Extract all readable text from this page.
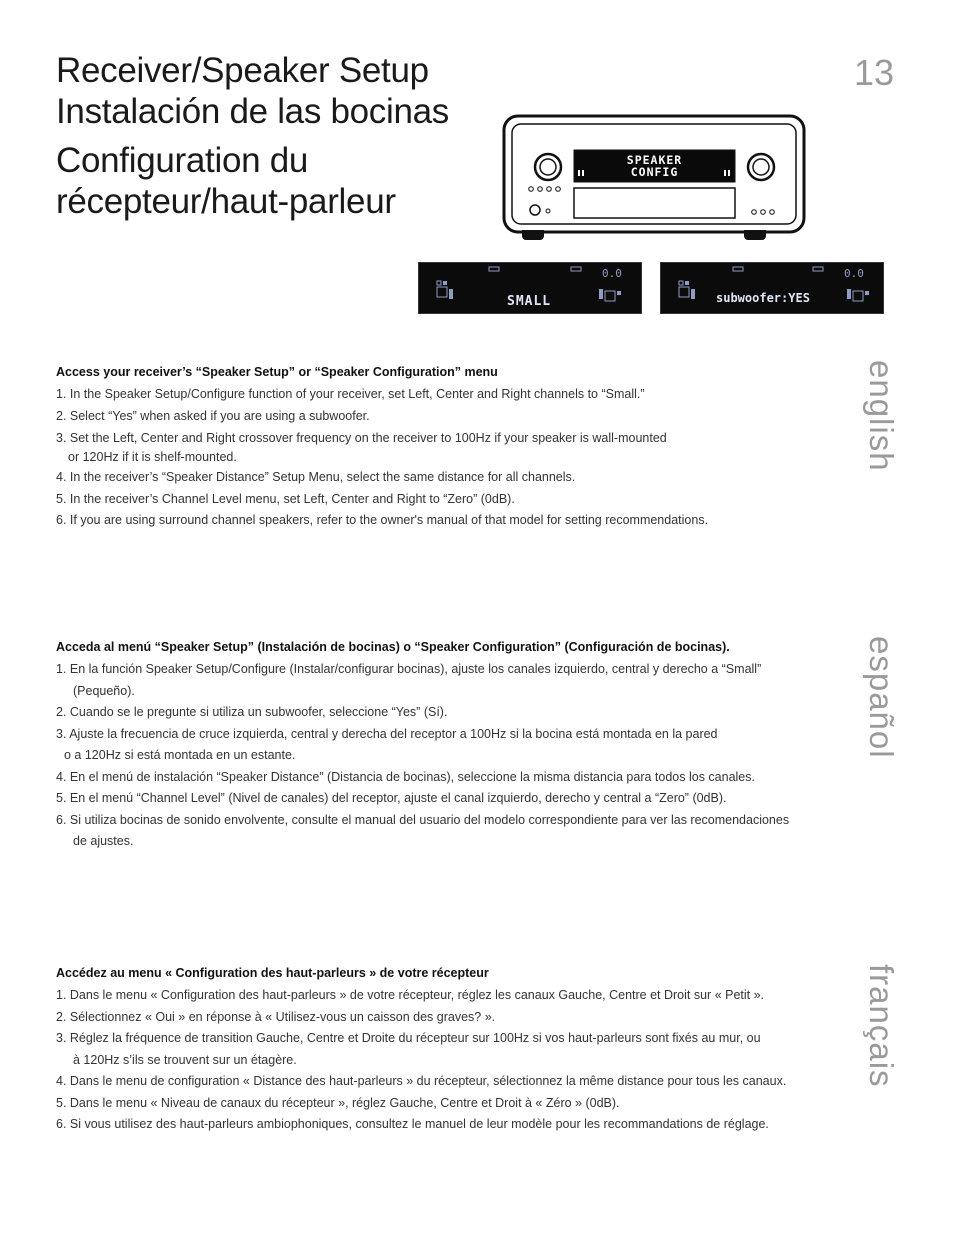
Receiver/Speaker Setup
Instalación de las bocinas
Configuration du
récepteur/haut-parleur
13
SPEAKER
CONFIG
0.0
SMALL
0.0
subwoofer:YES
english
español
français
Access your receiver’s “Speaker Setup” or “Speaker Configuration” menu
1. In the Speaker Setup/Configure function of your receiver, set Left, Center and Right channels to “Small.”
2. Select “Yes” when asked if you are using a subwoofer.
3. Set the Left, Center and Right crossover frequency on the receiver to 100Hz if your speaker is wall-mounted
or 120Hz if it is shelf-mounted.
4. In the receiver’s “Speaker Distance” Setup Menu, select the same distance for all channels.
5. In the receiver’s Channel Level menu, set Left, Center and Right to “Zero” (0dB).
6. If you are using surround channel speakers, refer to the owner's manual of that model for setting recommendations.
Acceda al menú “Speaker Setup” (Instalación de bocinas) o “Speaker Configuration” (Configuración de bocinas).
1. En la función Speaker Setup/Configure (Instalar/configurar bocinas), ajuste los canales izquierdo, central y derecho a “Small”
(Pequeño).
2. Cuando se le pregunte si utiliza un subwoofer, seleccione “Yes” (Sí).
3. Ajuste la frecuencia de cruce izquierda, central y derecha del receptor a 100Hz si la bocina está montada en la pared
o a 120Hz si está montada en un estante.
4. En el menú de instalación “Speaker Distance” (Distancia de bocinas), seleccione la misma distancia para todos los canales.
5. En el menú “Channel Level” (Nivel de canales) del receptor, ajuste el canal izquierdo, derecho y central a “Zero” (0dB).
6. Si utiliza bocinas de sonido envolvente, consulte el manual del usuario del modelo correspondiente para ver las recomendaciones
de ajustes.
Accédez au menu « Configuration des haut-parleurs » de votre récepteur
1. Dans le menu « Configuration des haut-parleurs » de votre récepteur, réglez les canaux Gauche, Centre et Droit sur « Petit ».
2. Sélectionnez « Oui » en réponse à « Utilisez-vous un caisson des graves? ».
3. Réglez la fréquence de transition Gauche, Centre et Droite du récepteur sur 100Hz si vos haut-parleurs sont fixés au mur, ou
à 120Hz s’ils se trouvent sur un étagère.
4. Dans le menu de configuration « Distance des haut-parleurs » du récepteur, sélectionnez la même distance pour tous les canaux.
5. Dans le menu « Niveau de canaux du récepteur », réglez Gauche, Centre et Droit à « Zéro » (0dB).
6. Si vous utilisez des haut-parleurs ambiophoniques, consultez le manuel de leur modèle pour les recommandations de réglage.
